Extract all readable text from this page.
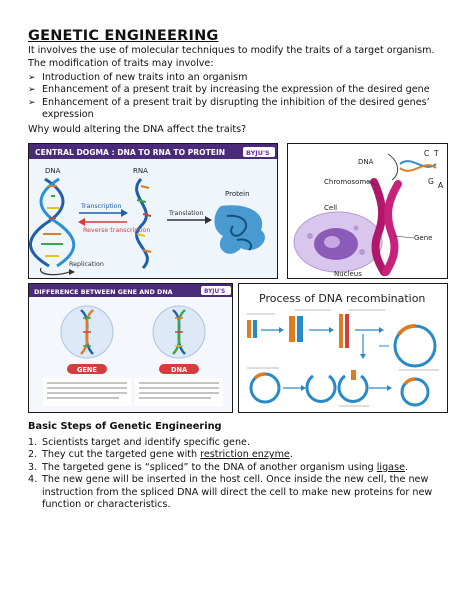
GENETIC ENGINEERING
It involves the use of molecular techniques to modify the traits of a target organism. The modification of traits may involve:
➢ Introduction of new traits into an organism
➢ Enhancement of a present trait by increasing the expression of the desired gene
➢ Enhancement of a present trait by disrupting the inhibition of the desired genes’ expression
Why would altering the DNA affect the traits?
CENTRAL DOGMA : DNA TO RNA TO PROTEIN	BYJU'S
DNA	RNA
Protein
Transcription
Reverse transcription
Translation
Replication
DNA
C T
G A
Chromosome
Cell
Gene
Nucleus
DIFFERENCE BETWEEN GENE AND DNA	BYJU'S
GENE	DNA
Process of DNA recombination
Basic Steps of Genetic Engineering
1. Scientists target and identify specific gene.
2. They cut the targeted gene with restriction enzyme.
3. The targeted gene is “spliced” to the DNA of another organism using ligase.
4. The new gene will be inserted in the host cell. Once inside the new cell, the new instruction from the spliced DNA will direct the cell to make new proteins for new function or characteristics.
